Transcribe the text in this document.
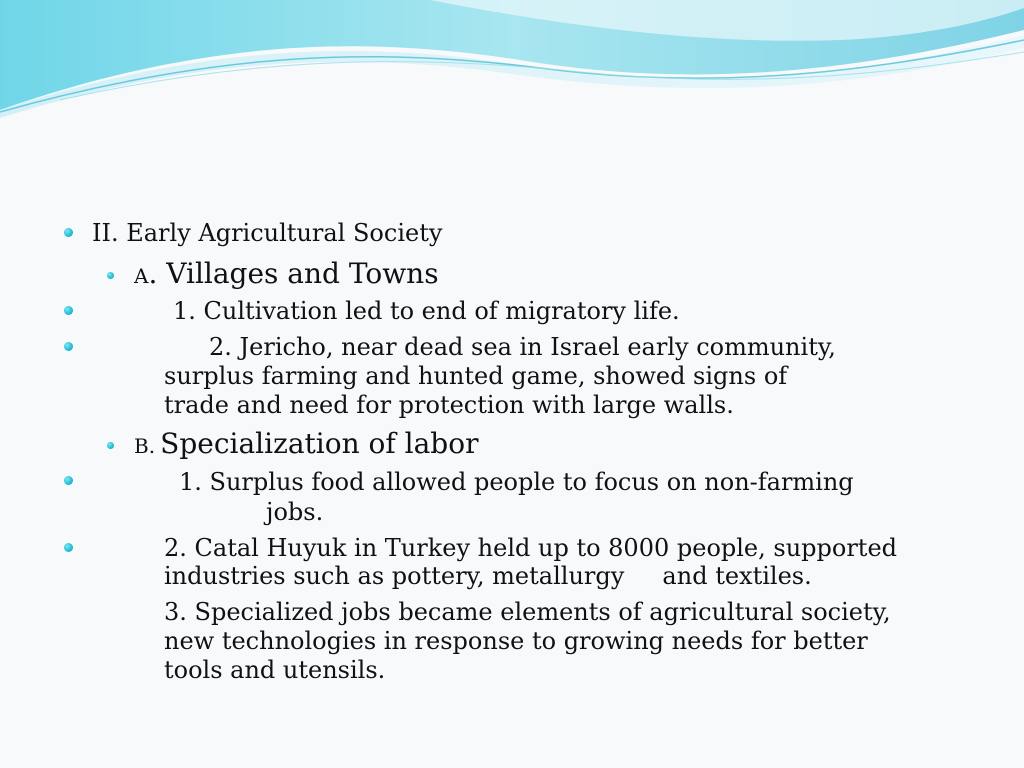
II. Early Agricultural Society
A. Villages and Towns
1. Cultivation led to end of migratory life.
2. Jericho, near dead sea in Israel early community,
surplus farming and hunted game, showed signs of
trade and need for protection with large walls.
B. Specialization of labor
1. Surplus food allowed people to focus on non-farming
jobs.
2. Catal Huyuk in Turkey held up to 8000 people, supported
industries such as pottery, metallurgy     and textiles.
3. Specialized jobs became elements of agricultural society,
new technologies in response to growing needs for better
tools and utensils.
